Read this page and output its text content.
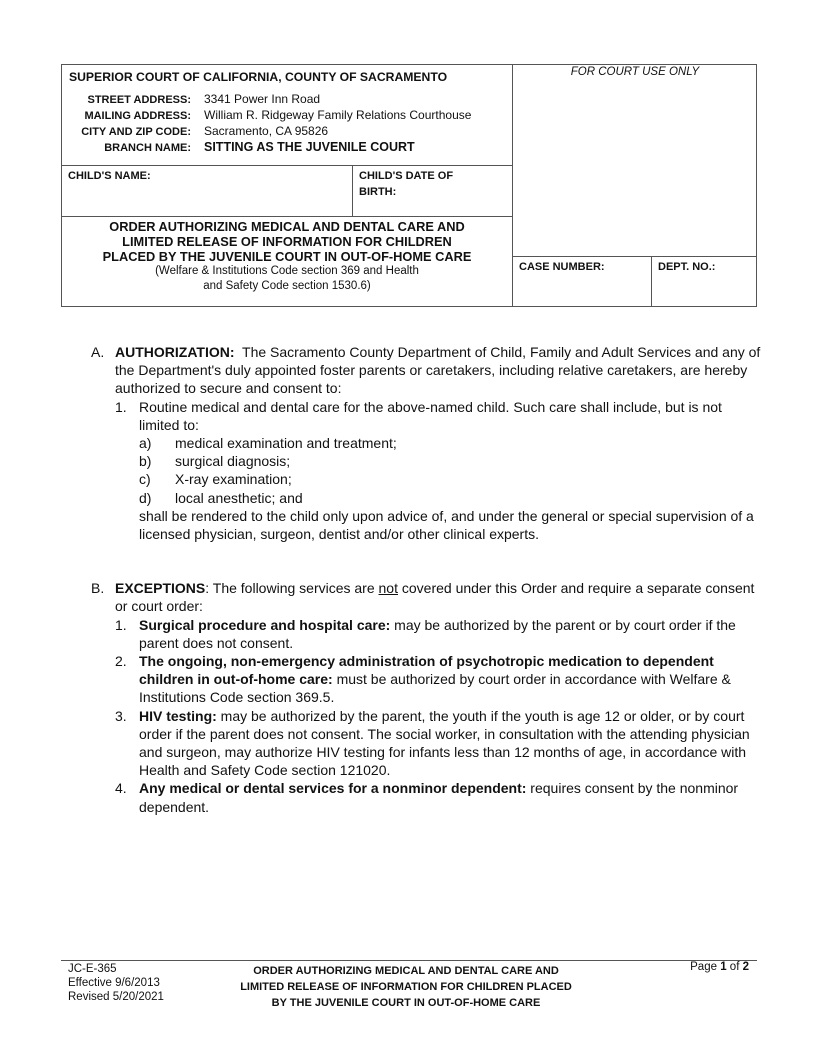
SUPERIOR COURT OF CALIFORNIA, COUNTY OF SACRAMENTO
STREET ADDRESS: 3341 Power Inn Road
MAILING ADDRESS: William R. Ridgeway Family Relations Courthouse
CITY AND ZIP CODE: Sacramento, CA 95826
BRANCH NAME: SITTING AS THE JUVENILE COURT
FOR COURT USE ONLY
CHILD'S NAME:	CHILD'S DATE OF
BIRTH:
ORDER AUTHORIZING MEDICAL AND DENTAL CARE AND
LIMITED RELEASE OF INFORMATION FOR CHILDREN
PLACED BY THE JUVENILE COURT IN OUT-OF-HOME CARE
(Welfare & Institutions Code section 369 and Health
and Safety Code section 1530.6)
CASE NUMBER:	DEPT. NO.:
A. AUTHORIZATION: The Sacramento County Department of Child, Family and Adult Services and any of the Department's duly appointed foster parents or caretakers, including relative caretakers, are hereby authorized to secure and consent to:
1. Routine medical and dental care for the above-named child. Such care shall include, but is not limited to:
a) medical examination and treatment;
b) surgical diagnosis;
c) X-ray examination;
d) local anesthetic; and
shall be rendered to the child only upon advice of, and under the general or special supervision of a licensed physician, surgeon, dentist and/or other clinical experts.
B. EXCEPTIONS: The following services are not covered under this Order and require a separate consent or court order:
1. Surgical procedure and hospital care: may be authorized by the parent or by court order if the parent does not consent.
2. The ongoing, non-emergency administration of psychotropic medication to dependent children in out-of-home care: must be authorized by court order in accordance with Welfare & Institutions Code section 369.5.
3. HIV testing: may be authorized by the parent, the youth if the youth is age 12 or older, or by court order if the parent does not consent. The social worker, in consultation with the attending physician and surgeon, may authorize HIV testing for infants less than 12 months of age, in accordance with Health and Safety Code section 121020.
4. Any medical or dental services for a nonminor dependent: requires consent by the nonminor dependent.
JC-E-365
Effective 9/6/2013
Revised 5/20/2021
ORDER AUTHORIZING MEDICAL AND DENTAL CARE AND
LIMITED RELEASE OF INFORMATION FOR CHILDREN PLACED
BY THE JUVENILE COURT IN OUT-OF-HOME CARE
Page 1 of 2
